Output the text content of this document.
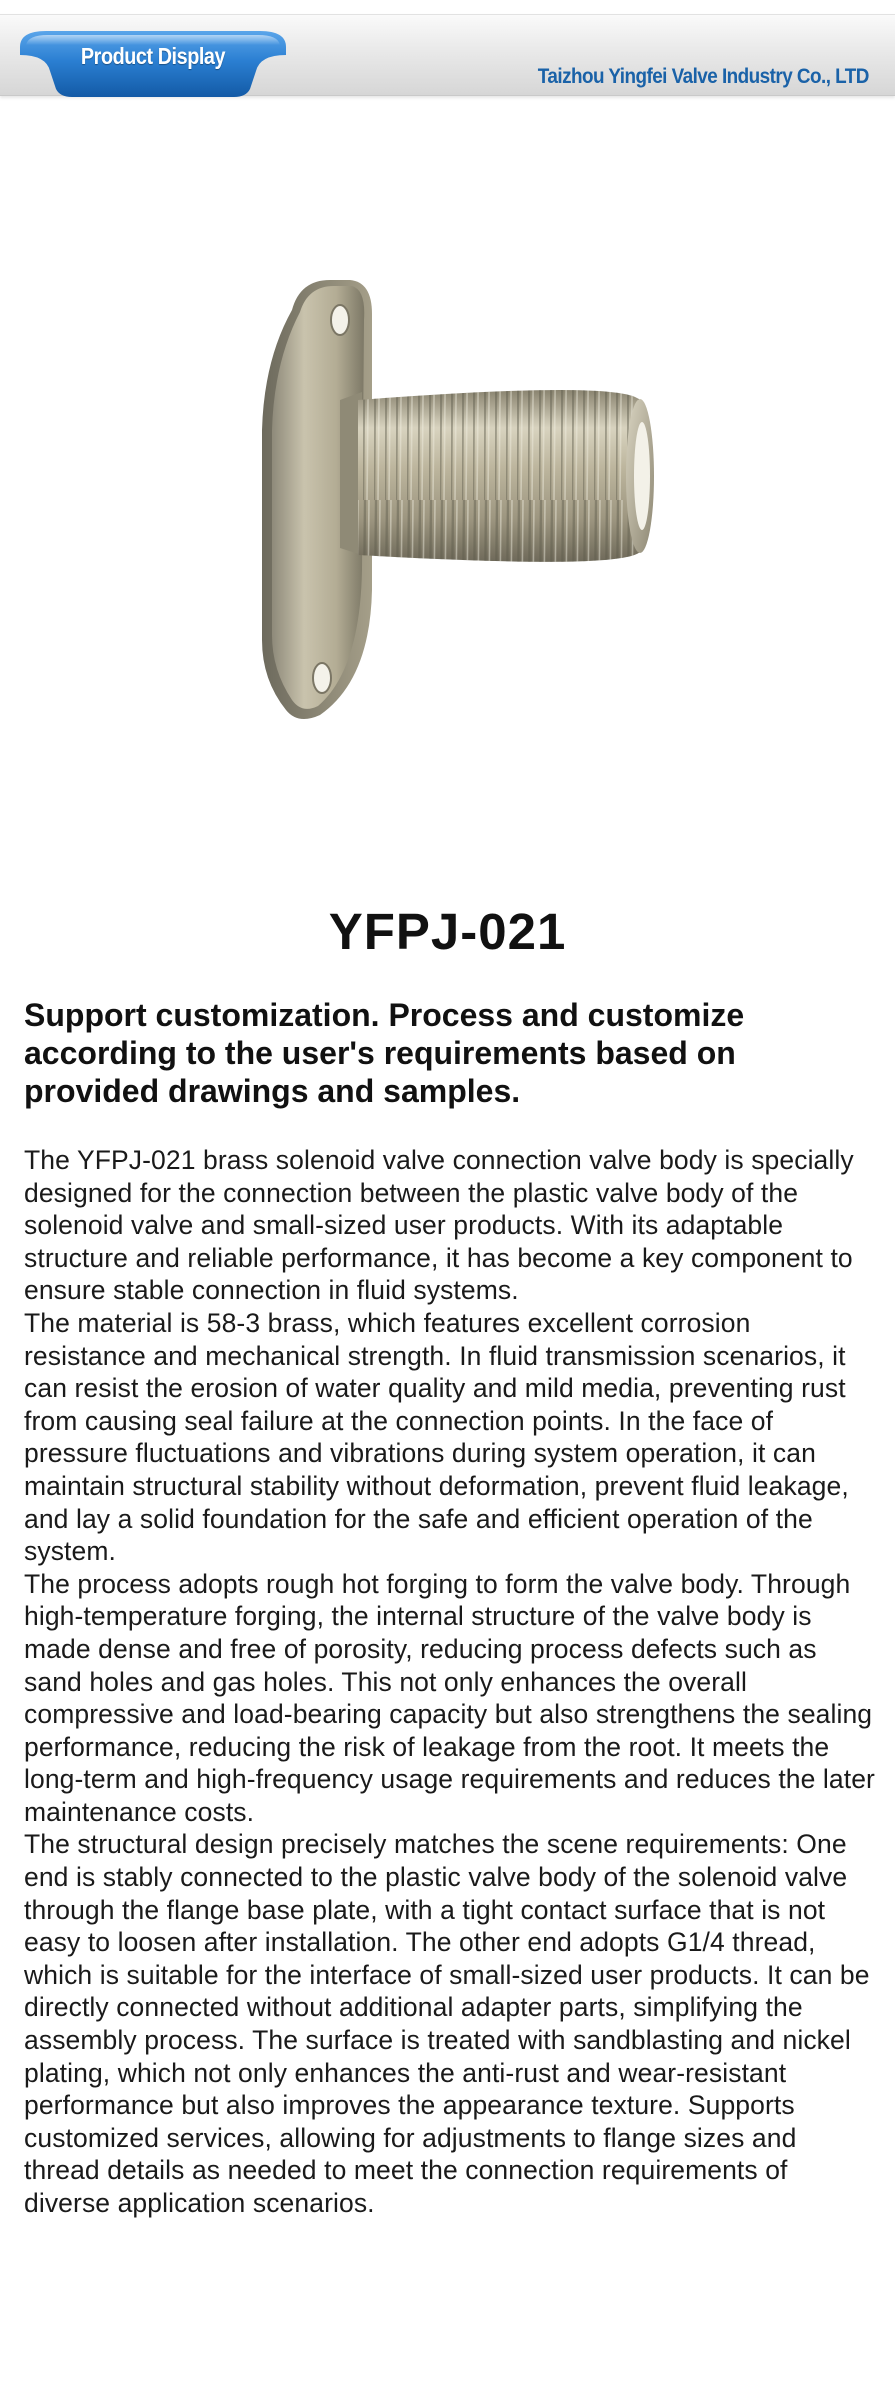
Product Display
Taizhou Yingfei Valve Industry Co., LTD
YFPJ-021
Support customization. Process and customize according to the user's requirements based on provided drawings and samples.

The YFPJ-021 brass solenoid valve connection valve body is specially designed for the connection between the plastic valve body of the solenoid valve and small-sized user products. With its adaptable structure and reliable performance, it has become a key component to ensure stable connection in fluid systems.

The material is 58-3 brass, which features excellent corrosion resistance and mechanical strength. In fluid transmission scenarios, it can resist the erosion of water quality and mild media, preventing rust from causing seal failure at the connection points. In the face of pressure fluctuations and vibrations during system operation, it can maintain structural stability without deformation, prevent fluid leakage, and lay a solid foundation for the safe and efficient operation of the system.

The process adopts rough hot forging to form the valve body. Through high-temperature forging, the internal structure of the valve body is made dense and free of porosity, reducing process defects such as sand holes and gas holes. This not only enhances the overall compressive and load-bearing capacity but also strengthens the sealing performance, reducing the risk of leakage from the root. It meets the long-term and high-frequency usage requirements and reduces the later maintenance costs.

The structural design precisely matches the scene requirements: One end is stably connected to the plastic valve body of the solenoid valve through the flange base plate, with a tight contact surface that is not easy to loosen after installation. The other end adopts G1/4 thread, which is suitable for the interface of small-sized user products. It can be directly connected without additional adapter parts, simplifying the assembly process. The surface is treated with sandblasting and nickel plating, which not only enhances the anti-rust and wear-resistant performance but also improves the appearance texture. Supports customized services, allowing for adjustments to flange sizes and thread details as needed to meet the connection requirements of diverse application scenarios.
